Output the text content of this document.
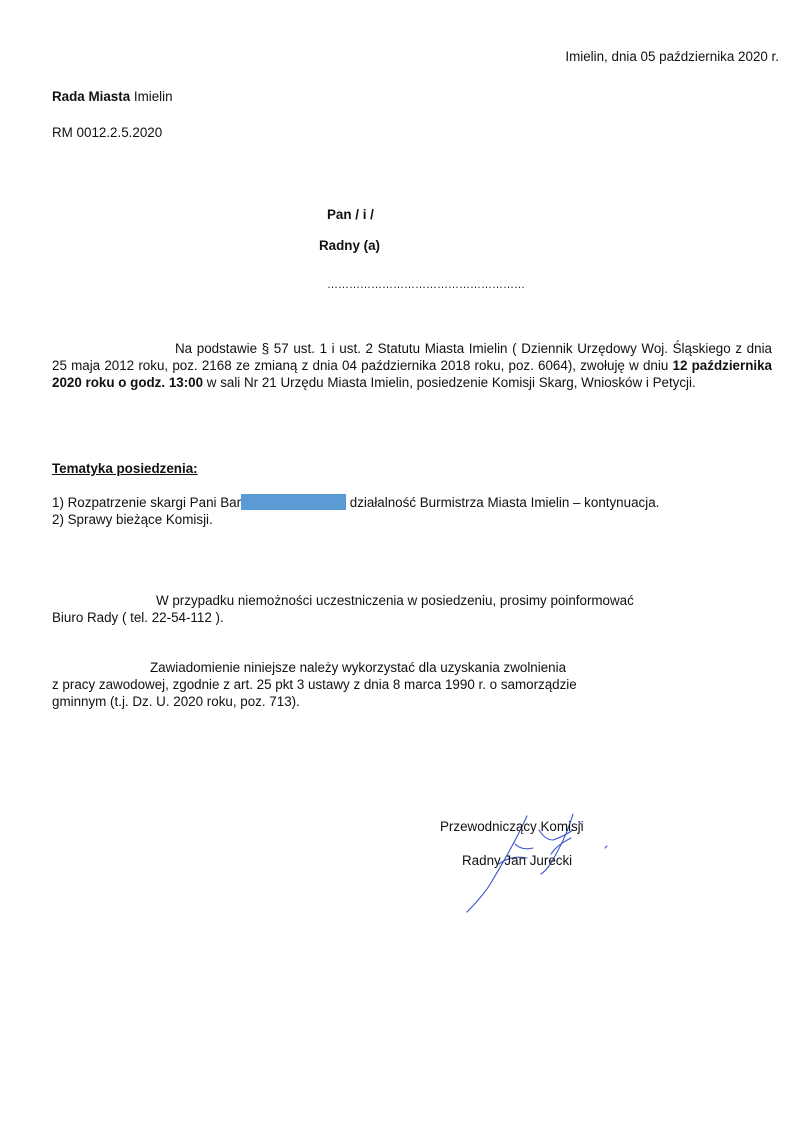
Imielin, dnia 05 października 2020 r.
Rada Miasta Imielin
RM 0012.2.5.2020
Pan / i /
Radny (a)
………………………………………………
Na podstawie § 57 ust. 1 i ust. 2 Statutu Miasta Imielin ( Dziennik Urzędowy Woj. Śląskiego z dnia 25 maja 2012 roku, poz. 2168 ze zmianą z dnia 04 października 2018 roku, poz. 6064), zwołuję w dniu 12 października 2020 roku o godz. 13:00 w sali Nr 21 Urzędu Miasta Imielin, posiedzenie Komisji Skarg, Wniosków i Petycji.
Tematyka posiedzenia:
1) Rozpatrzenie skargi Pani Bar	działalność Burmistrza Miasta Imielin – kontynuacja.
2) Sprawy bieżące Komisji.
W przypadku niemożności uczestniczenia w posiedzeniu, prosimy poinformować
Biuro Rady ( tel. 22-54-112 ).
Zawiadomienie niniejsze należy wykorzystać dla uzyskania zwolnienia
z pracy zawodowej, zgodnie z art. 25 pkt 3 ustawy z dnia 8 marca 1990 r. o samorządzie
gminnym (t.j. Dz. U. 2020 roku, poz. 713).
Przewodniczący Komisji
Radny Jan Jurecki
